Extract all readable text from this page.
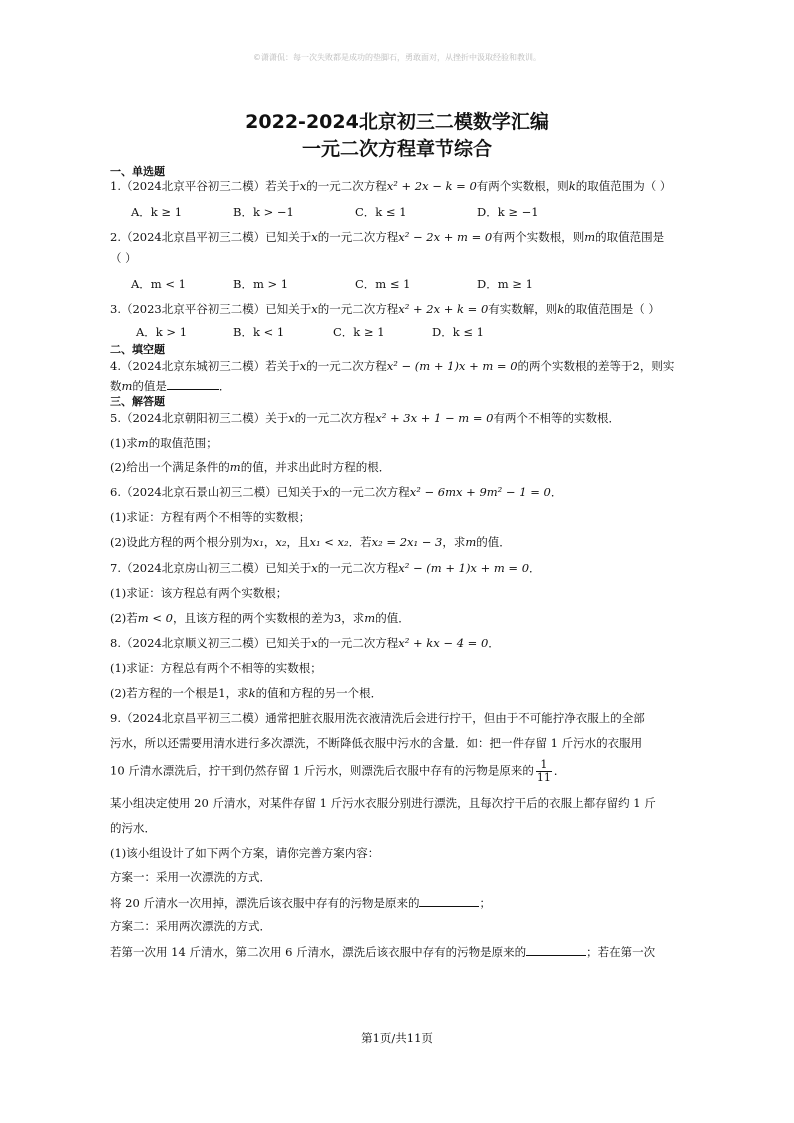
©潇潇侃：每一次失败都是成功的垫脚石，勇敢面对，从挫折中汲取经验和教训。
2022-2024北京初三二模数学汇编
一元二次方程章节综合
一、单选题
1.（2024北京平谷初三二模）若关于x的一元二次方程x² + 2x − k = 0有两个实数根，则k的取值范围为（ ）
A．k ≥ 1	B．k > −1	C．k ≤ 1	D．k ≥ −1
2.（2024北京昌平初三二模）已知关于x的一元二次方程x² − 2x + m = 0有两个实数根，则m的取值范围是
（ ）
A．m < 1	B．m > 1	C．m ≤ 1	D．m ≥ 1
3.（2023北京平谷初三二模）已知关于x的一元二次方程x² + 2x + k = 0有实数解，则k的取值范围是（ ）
A．k > 1	B．k < 1	C．k ≥ 1	D．k ≤ 1
二、填空题
4.（2024北京东城初三二模）若关于x的一元二次方程x² − (m + 1)x + m = 0的两个实数根的差等于2，则实
数m的值是	．
三、解答题
5.（2024北京朝阳初三二模）关于x的一元二次方程x² + 3x + 1 − m = 0有两个不相等的实数根．
(1)求m的取值范围；
(2)给出一个满足条件的m的值，并求出此时方程的根．
6.（2024北京石景山初三二模）已知关于x的一元二次方程x² − 6mx + 9m² − 1 = 0．
(1)求证：方程有两个不相等的实数根；
(2)设此方程的两个根分别为x₁，x₂，且x₁ < x₂．若x₂ = 2x₁ − 3，求m的值．
7.（2024北京房山初三二模）已知关于x的一元二次方程x² − (m + 1)x + m = 0．
(1)求证：该方程总有两个实数根；
(2)若m < 0，且该方程的两个实数根的差为3，求m的值．
8.（2024北京顺义初三二模）已知关于x的一元二次方程x² + kx − 4 = 0．
(1)求证：方程总有两个不相等的实数根；
(2)若方程的一个根是1，求k的值和方程的另一个根．
9.（2024北京昌平初三二模）通常把脏衣服用洗衣液清洗后会进行拧干，但由于不可能拧净衣服上的全部
污水，所以还需要用清水进行多次漂洗，不断降低衣服中污水的含量．如：把一件存留 1 斤污水的衣服用
10 斤清水漂洗后，拧干到仍然存留 1 斤污水，则漂洗后衣服中存有的污物是原来的 $\frac{1}{11}$ ．
某小组决定使用 20 斤清水，对某件存留 1 斤污水衣服分别进行漂洗，且每次拧干后的衣服上都存留约 1 斤
的污水．
(1)该小组设计了如下两个方案，请你完善方案内容：
方案一：采用一次漂洗的方式．
将 20 斤清水一次用掉，漂洗后该衣服中存有的污物是原来的	；
方案二：采用两次漂洗的方式．
若第一次用 14 斤清水，第二次用 6 斤清水，漂洗后该衣服中存有的污物是原来的	；若在第一次
第1页/共11页
